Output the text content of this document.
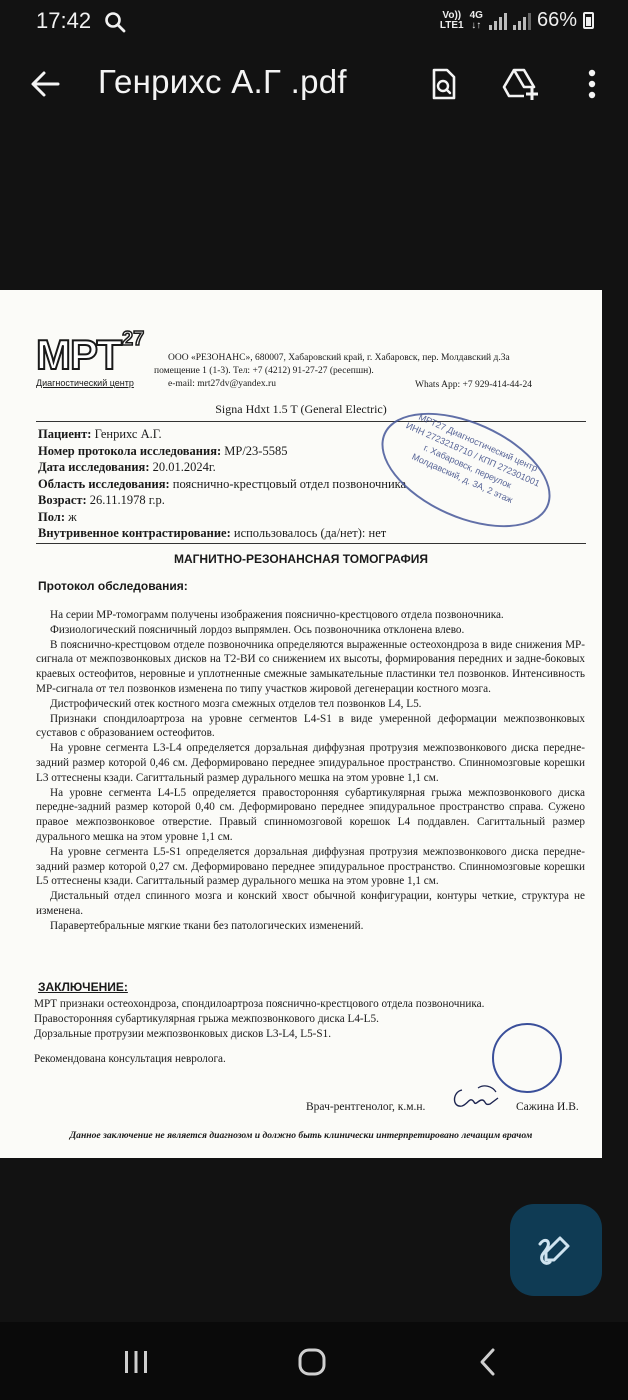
17:42	Vo))
LTE1
4G
↓↑	66%
Генрихс А.Г .pdf
МРТ 27
Диагностический центр
ООО «РЕЗОНАНС», 680007, Хабаровский край, г. Хабаровск, пер. Молдавский д.3а
помещение 1 (1-3). Тел: +7 (4212) 91-27-27 (ресепшн).
e-mail: mrt27dv@yandex.ru	Whats App: +7 929-414-44-24
Signa Hdxt 1.5 T (General Electric)
Пациент: Генрихс А.Г.
Номер протокола исследования: МР/23-5585
Дата исследования: 20.01.2024г.
Область исследования: пояснично-крестцовый отдел позвоночника
Возраст: 26.11.1978 г.р.
Пол: ж
Внутривенное контрастирование: использовалось (да/нет): нет
МРТ27 Диагностический центр ИНН 2723218710 / КПП 272301001 г. Хабаровск, переулок Молдавский, д. 3А, 2 этаж
МАГНИТНО-РЕЗОНАНСНАЯ ТОМОГРАФИЯ
Протокол обследования:

На серии МР-томограмм получены изображения пояснично-крестцового отдела позвоночника.

Физиологический поясничный лордоз выпрямлен. Ось позвоночника отклонена влево.

В пояснично-крестцовом отделе позвоночника определяются выраженные остеохондроза в виде снижения МР-сигнала от межпозвонковых дисков на Т2-ВИ со снижением их высоты, формирования передних и задне-боковых краевых остеофитов, неровные и уплотненные смежные замыкательные пластинки тел позвонков. Интенсивность МР-сигнала от тел позвонков изменена по типу участков жировой дегенерации костного мозга.

Дистрофический отек костного мозга смежных отделов тел позвонков L4, L5.

Признаки спондилоартроза на уровне сегментов L4-S1 в виде умеренной деформации межпозвонковых суставов с образованием остеофитов.

На уровне сегмента L3-L4 определяется дорзальная диффузная протрузия межпозвонкового диска передне-задний размер которой 0,46 см. Деформировано переднее эпидуральное пространство. Спинномозговые корешки L3 оттеснены кзади. Сагиттальный размер дурального мешка на этом уровне 1,1 см.

На уровне сегмента L4-L5 определяется правосторонняя субартикулярная грыжа межпозвонкового диска передне-задний размер которой 0,40 см. Деформировано переднее эпидуральное пространство справа. Сужено правое межпозвонковое отверстие. Правый спинномозговой корешок L4 поддавлен. Сагиттальный размер дурального мешка на этом уровне 1,1 см.

На уровне сегмента L5-S1 определяется дорзальная диффузная протрузия межпозвонкового диска передне-задний размер которой 0,27 см. Деформировано переднее эпидуральное пространство. Спинномозговые корешки L5 оттеснены кзади. Сагиттальный размер дурального мешка на этом уровне 1,1 см.

Дистальный отдел спинного мозга и конский хвост обычной конфигурации, контуры четкие, структура не изменена.

Паравертебральные мягкие ткани без патологических изменений.

ЗАКЛЮЧЕНИЕ:
МРТ признаки остеохондроза, спондилоартроза пояснично-крестцового отдела позвоночника.
Правосторонняя субартикулярная грыжа межпозвонкового диска L4-L5.
Дорзальные протрузии межпозвонковых дисков L3-L4, L5-S1.
Рекомендована консультация невролога.
Врач-рентгенолог, к.м.н.	Сажина И.В.
Данное заключение не является диагнозом и должно быть клинически интерпретировано лечащим врачом
